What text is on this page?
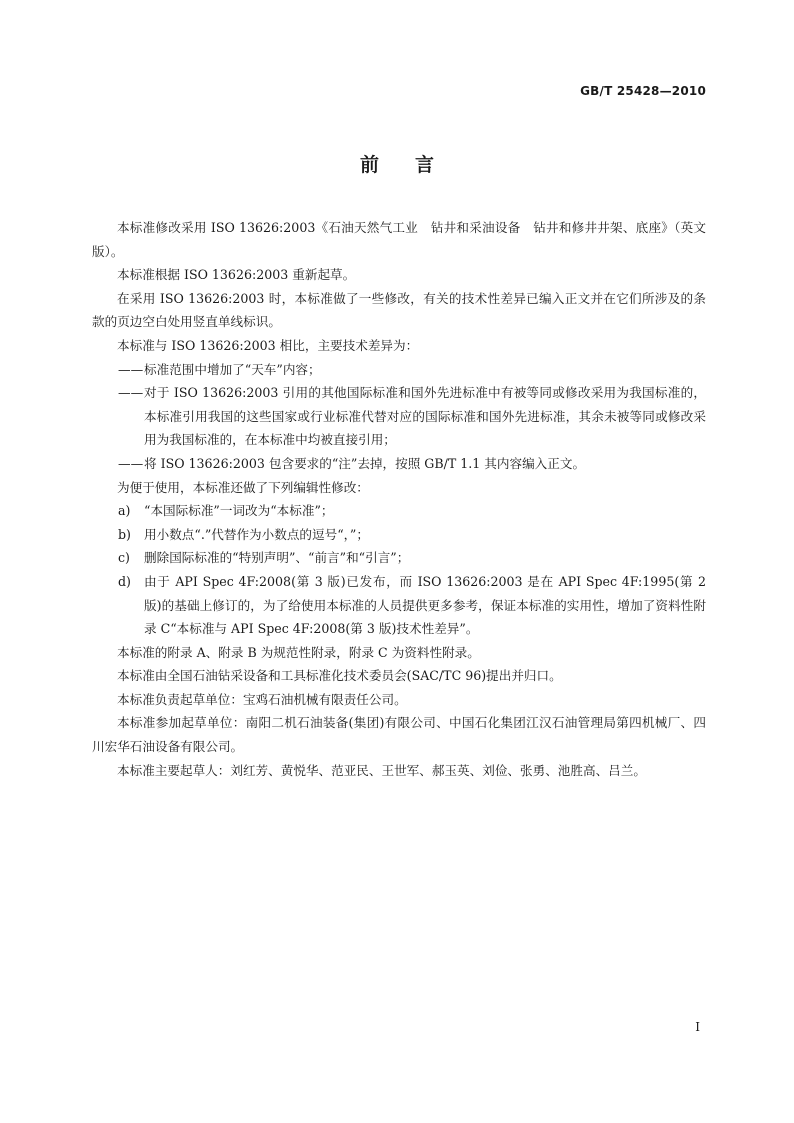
GB/T 25428—2010
前言

本标准修改采用 ISO 13626:2003《石油天然气工业　钻井和采油设备　钻井和修井井架、底座》（英文版）。

本标准根据 ISO 13626:2003 重新起草。

在采用 ISO 13626:2003 时，本标准做了一些修改，有关的技术性差异已编入正文并在它们所涉及的条款的页边空白处用竖直单线标识。

本标准与 ISO 13626:2003 相比，主要技术差异为：

—— 标准范围中增加了“天车”内容；

—— 对于 ISO 13626:2003 引用的其他国际标准和国外先进标准中有被等同或修改采用为我国标准的，本标准引用我国的这些国家或行业标准代替对应的国际标准和国外先进标准，其余未被等同或修改采用为我国标准的，在本标准中均被直接引用；

—— 将 ISO 13626:2003 包含要求的“注”去掉，按照 GB/T 1.1 其内容编入正文。

为便于使用，本标准还做了下列编辑性修改：

a) “本国际标准”一词改为“本标准”；

b) 用小数点“.”代替作为小数点的逗号“，”；

c) 删除国际标准的“特别声明”、“前言”和“引言”；

d) 由于 API Spec 4F:2008(第 3 版)已发布，而 ISO 13626:2003 是在 API Spec 4F:1995(第 2 版)的基础上修订的，为了给使用本标准的人员提供更多参考，保证本标准的实用性，增加了资料性附录 C“本标准与 API Spec 4F:2008(第 3 版)技术性差异”。

本标准的附录 A、附录 B 为规范性附录，附录 C 为资料性附录。

本标准由全国石油钻采设备和工具标准化技术委员会(SAC/TC 96)提出并归口。

本标准负责起草单位：宝鸡石油机械有限责任公司。

本标准参加起草单位：南阳二机石油装备(集团)有限公司、中国石化集团江汉石油管理局第四机械厂、四川宏华石油设备有限公司。

本标准主要起草人：刘红芳、黄悦华、范亚民、王世军、郝玉英、刘俭、张勇、池胜高、吕兰。

I
